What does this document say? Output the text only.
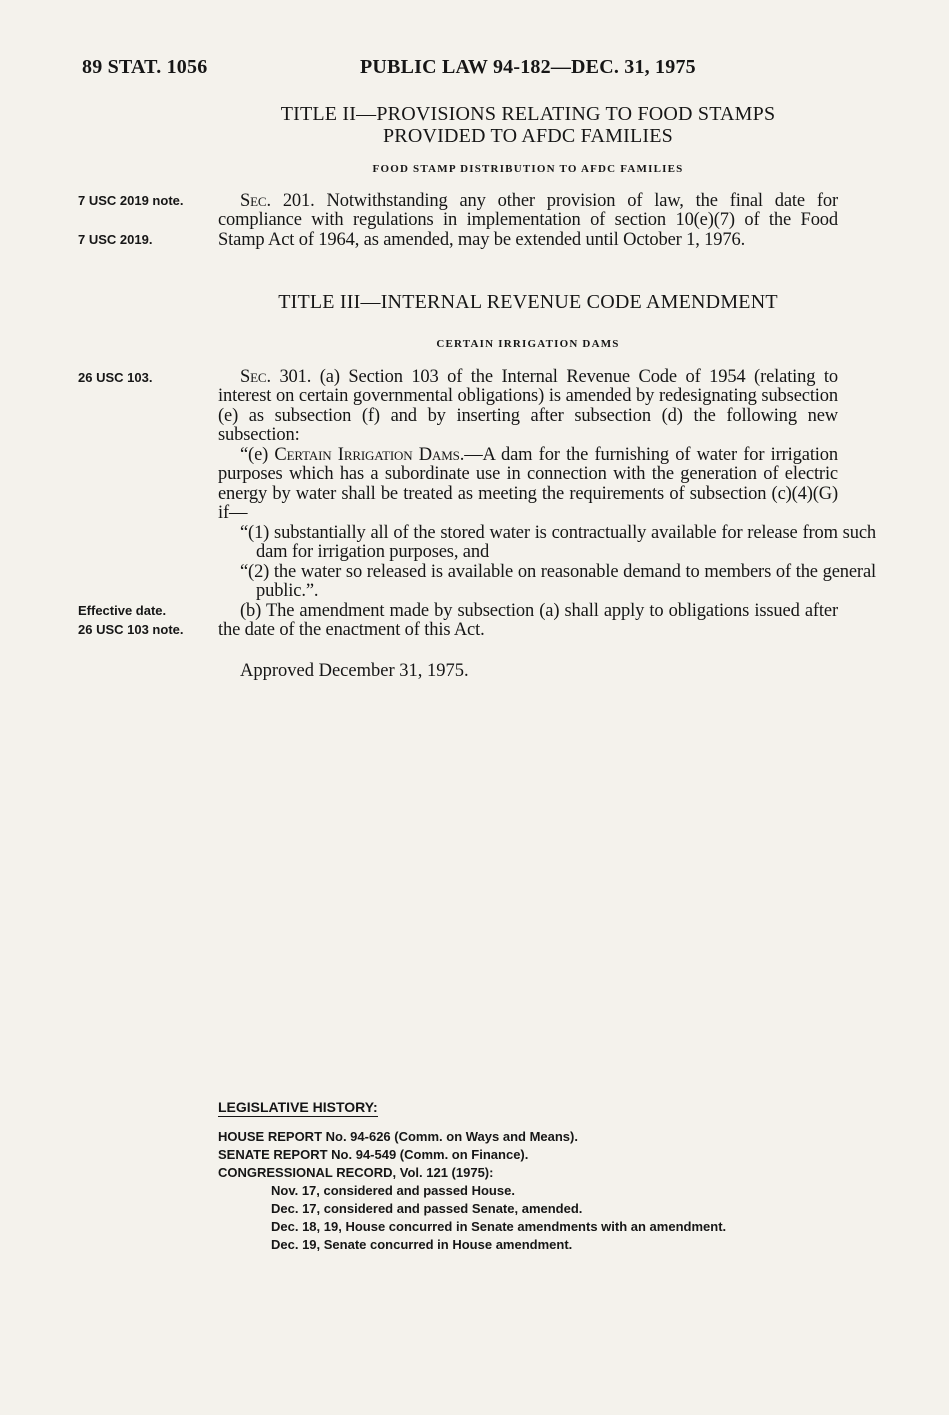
89 STAT. 1056	PUBLIC LAW 94-182—DEC. 31, 1975
TITLE II—PROVISIONS RELATING TO FOOD STAMPS
PROVIDED TO AFDC FAMILIES
FOOD STAMP DISTRIBUTION TO AFDC FAMILIES
7 USC 2019 note.
7 USC 2019.
Sec. 201. Notwithstanding any other provision of law, the final date for compliance with regulations in implementation of section 10(e)(7) of the Food Stamp Act of 1964, as amended, may be extended until October 1, 1976.
TITLE III—INTERNAL REVENUE CODE AMENDMENT
CERTAIN IRRIGATION DAMS
26 USC 103.	Sec. 301. (a) Section 103 of the Internal Revenue Code of 1954 (relating to interest on certain governmental obligations) is amended by redesignating subsection (e) as subsection (f) and by inserting after subsection (d) the following new subsection:
“(e) Certain Irrigation Dams.—A dam for the furnishing of water for irrigation purposes which has a subordinate use in connection with the generation of electric energy by water shall be treated as meeting the requirements of subsection (c)(4)(G) if—
“(1) substantially all of the stored water is contractually available for release from such dam for irrigation purposes, and
“(2) the water so released is available on reasonable demand to members of the general public.”.
Effective date.
26 USC 103 note.
(b) The amendment made by subsection (a) shall apply to obligations issued after the date of the enactment of this Act.
Approved December 31, 1975.
LEGISLATIVE HISTORY:
HOUSE REPORT No. 94-626 (Comm. on Ways and Means).
SENATE REPORT No. 94-549 (Comm. on Finance).
CONGRESSIONAL RECORD, Vol. 121 (1975):
Nov. 17, considered and passed House.
Dec. 17, considered and passed Senate, amended.
Dec. 18, 19, House concurred in Senate amendments with an amendment.
Dec. 19, Senate concurred in House amendment.
